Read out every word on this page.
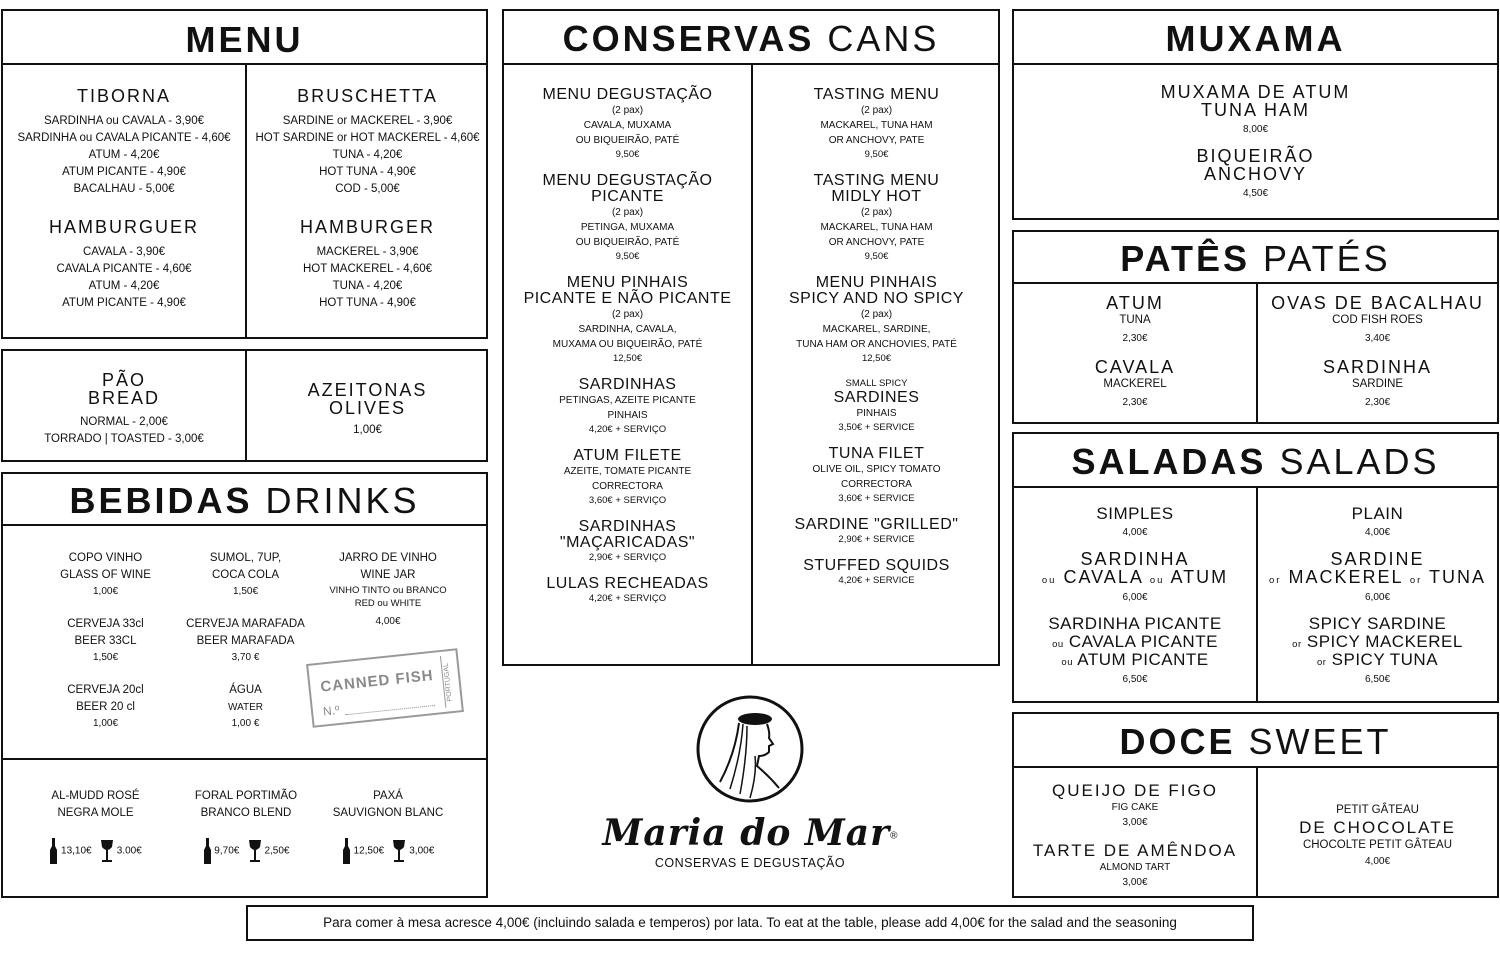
MENU
TIBORNA
SARDINHA ou CAVALA - 3,90€
SARDINHA ou CAVALA PICANTE - 4,60€
ATUM - 4,20€
ATUM PICANTE - 4,90€
BACALHAU - 5,00€
HAMBURGUER
CAVALA - 3,90€
CAVALA PICANTE - 4,60€
ATUM - 4,20€
ATUM PICANTE - 4,90€
BRUSCHETTA
SARDINE or MACKEREL - 3,90€
HOT SARDINE or HOT MACKEREL - 4,60€
TUNA - 4,20€
HOT TUNA - 4,90€
COD - 5,00€
HAMBURGER
MACKEREL - 3,90€
HOT MACKEREL - 4,60€
TUNA - 4,20€
HOT TUNA - 4,90€
PÃO
BREAD
NORMAL - 2,00€
TORRADO | TOASTED - 3,00€
AZEITONAS
OLIVES
1,00€
BEBIDAS DRINKS
COPO VINHO
GLASS OF WINE
1,00€
CERVEJA 33cl
BEER 33CL
1,50€
CERVEJA 20cl
BEER 20 cl
1,00€
SUMOL, 7UP,
COCA COLA
1,50€
CERVEJA MARAFADA
BEER MARAFADA
3,70 €
ÁGUA
WATER
1,00 €
JARRO DE VINHO
WINE JAR
VINHO TINTO ou BRANCO
RED ou WHITE
4,00€
CANNED FISH
N.º
PORTUGAL
AL-MUDD ROSÉ
NEGRA MOLE
13,10€	3.00€
FORAL PORTIMÃO
BRANCO BLEND
9,70€	2,50€
PAXÁ
SAUVIGNON BLANC
12,50€	3,00€
CONSERVAS CANS
MENU DEGUSTAÇÃO
(2 pax)
CAVALA, MUXAMA
OU BIQUEIRÃO, PATÉ
9,50€
MENU DEGUSTAÇÃO
PICANTE
(2 pax)
PETINGA, MUXAMA
OU BIQUEIRÃO, PATÉ
9,50€
MENU PINHAIS
PICANTE E NÃO PICANTE
(2 pax)
SARDINHA, CAVALA,
MUXAMA OU BIQUEIRÃO, PATÉ
12,50€
SARDINHAS
PETINGAS, AZEITE PICANTE
PINHAIS
4,20€ + SERVIÇO
ATUM FILETE
AZEITE, TOMATE PICANTE
CORRECTORA
3,60€ + SERVIÇO
SARDINHAS
"MAÇARICADAS"
2,90€ + SERVIÇO
LULAS RECHEADAS
4,20€ + SERVIÇO
TASTING MENU
(2 pax)
MACKAREL, TUNA HAM
OR ANCHOVY, PATE
9,50€
TASTING MENU
MIDLY HOT
(2 pax)
MACKAREL, TUNA HAM
OR ANCHOVY, PATE
9,50€
MENU PINHAIS
SPICY AND NO SPICY
(2 pax)
MACKAREL, SARDINE,
TUNA HAM OR ANCHOVIES, PATÉ
12,50€
SMALL SPICY
SARDINES
PINHAIS
3,50€ + SERVICE
TUNA FILET
OLIVE OIL, SPICY TOMATO
CORRECTORA
3,60€ + SERVICE
SARDINE "GRILLED"
2,90€ + SERVICE
STUFFED SQUIDS
4,20€ + SERVICE
Maria do Mar®
CONSERVAS E DEGUSTAÇÃO
MUXAMA
MUXAMA DE ATUM
TUNA HAM
8,00€
BIQUEIRÃO
ANCHOVY
4,50€
PATÊS PATÉS
ATUM
TUNA
2,30€
CAVALA
MACKEREL
2,30€
OVAS DE BACALHAU
COD FISH ROES
3,40€
SARDINHA
SARDINE
2,30€
SALADAS SALADS
SIMPLES
4,00€
SARDINHA
ou CAVALA ou ATUM
6,00€
SARDINHA PICANTE
ou CAVALA PICANTE
ou ATUM PICANTE
6,50€
PLAIN
4,00€
SARDINE
or MACKEREL or TUNA
6,00€
SPICY SARDINE
or SPICY MACKEREL
or SPICY TUNA
6,50€
DOCE SWEET
QUEIJO DE FIGO
FIG CAKE
3,00€
TARTE DE AMÊNDOA
ALMOND TART
3,00€
PETIT GÂTEAU
DE CHOCOLATE
CHOCOLTE PETIT GÂTEAU
4,00€
Para comer à mesa acresce 4,00€ (incluindo salada e temperos) por lata. To eat at the table, please add 4,00€ for the salad and the seasoning
